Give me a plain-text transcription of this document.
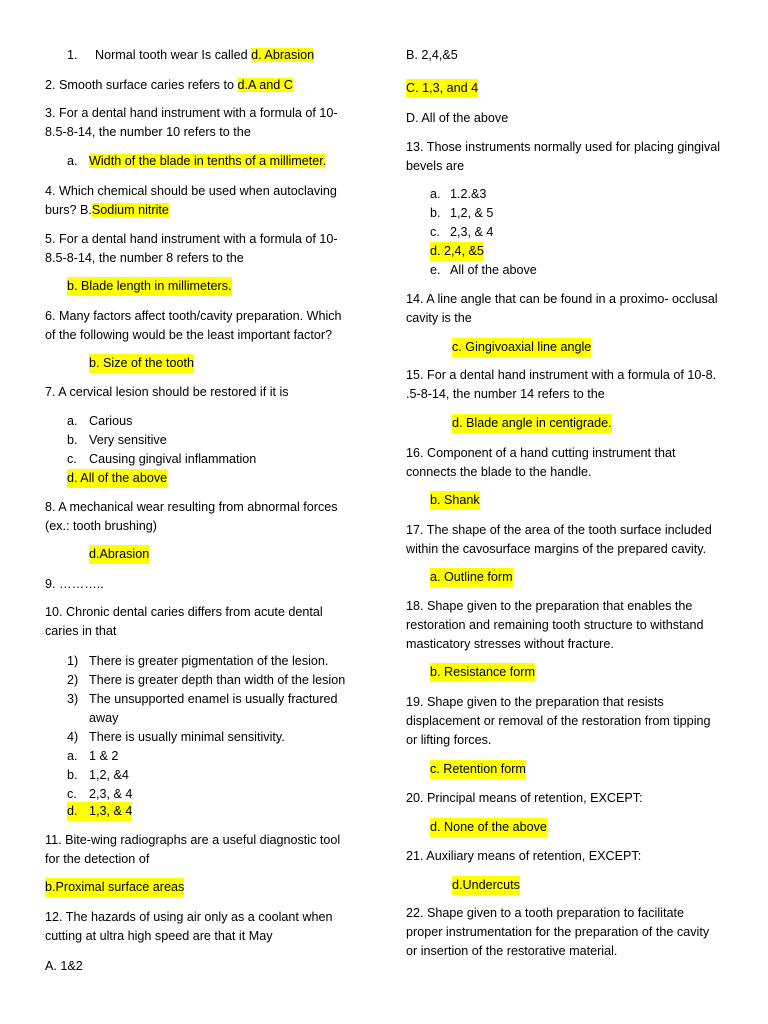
1. Normal tooth wear Is called d. Abrasion
2. Smooth surface caries refers to d.A and C
3. For a dental hand instrument with a formula of 10-
8.5-8-14, the number 10 refers to the
a. Width of the blade in tenths of a millimeter.
4. Which chemical should be used when autoclaving
burs? B.Sodium nitrite
5. For a dental hand instrument with a formula of 10-
8.5-8-14, the number 8 refers to the
b. Blade length in millimeters.
6. Many factors affect tooth/cavity preparation. Which
of the following would be the least important factor?
b. Size of the tooth
7. A cervical lesion should be restored if it is
a. Carious
b. Very sensitive
c. Causing gingival inflammation
d. All of the above
8. A mechanical wear resulting from abnormal forces
(ex.: tooth brushing)
d.Abrasion
9. ………..
10. Chronic dental caries differs from acute dental
caries in that
1) There is greater pigmentation of the lesion.
2) There is greater depth than width of the lesion
3) The unsupported enamel is usually fractured
away
4) There is usually minimal sensitivity.
a. 1 & 2
b. 1,2, &4
c. 2,3, & 4
d. 1,3, & 4
11. Bite-wing radiographs are a useful diagnostic tool
for the detection of
b.Proximal surface areas
12. The hazards of using air only as a coolant when
cutting at ultra high speed are that it May
A. 1&2
B. 2,4,&5
C. 1,3, and 4
D. All of the above
13. Those instruments normally used for placing gingival
bevels are
a. 1.2.&3
b. 1,2, & 5
c. 2,3, & 4
d. 2,4, &5
e. All of the above
14. A line angle that can be found in a proximo- occlusal
cavity is the
c. Gingivoaxial line angle
15. For a dental hand instrument with a formula of 10-8.
.5-8-14, the number 14 refers to the
d. Blade angle in centigrade.
16. Component of a hand cutting instrument that
connects the blade to the handle.
b. Shank
17. The shape of the area of the tooth surface included
within the cavosurface margins of the prepared cavity.
a. Outline form
18. Shape given to the preparation that enables the
restoration and remaining tooth structure to withstand
masticatory stresses without fracture.
b. Resistance form
19. Shape given to the preparation that resists
displacement or removal of the restoration from tipping
or lifting forces.
c. Retention form
20. Principal means of retention, EXCEPT:
d. None of the above
21. Auxiliary means of retention, EXCEPT:
d.Undercuts
22. Shape given to a tooth preparation to facilitate
proper instrumentation for the preparation of the cavity
or insertion of the restorative material.
